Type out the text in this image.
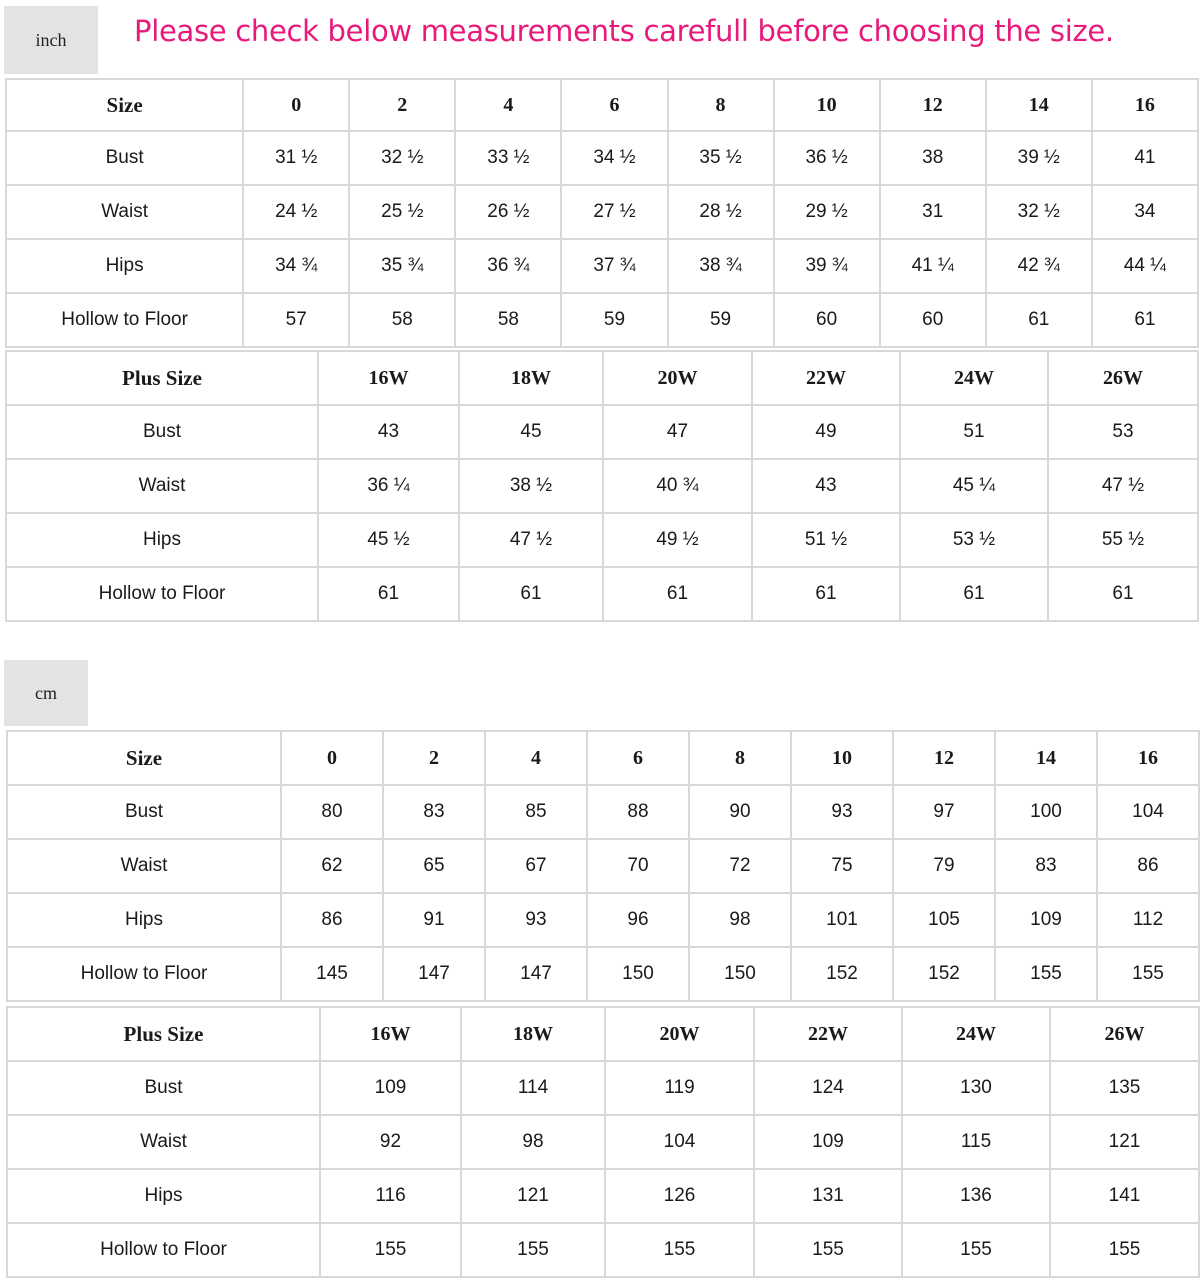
inch	Please check below measurements carefull before choosing the size.
Size	0	2	4	6	8	10	12	14	16
Bust	31 ½	32 ½	33 ½	34 ½	35 ½	36 ½	38	39 ½	41
Waist	24 ½	25 ½	26 ½	27 ½	28 ½	29 ½	31	32 ½	34
Hips	34 ¾	35 ¾	36 ¾	37 ¾	38 ¾	39 ¾	41 ¼	42 ¾	44 ¼
Hollow to Floor	57	58	58	59	59	60	60	61	61
Plus Size	16W	18W	20W	22W	24W	26W
Bust	43	45	47	49	51	53
Waist	36 ¼	38 ½	40 ¾	43	45 ¼	47 ½
Hips	45 ½	47 ½	49 ½	51 ½	53 ½	55 ½
Hollow to Floor	61	61	61	61	61	61
cm
Size	0	2	4	6	8	10	12	14	16
Bust	80	83	85	88	90	93	97	100	104
Waist	62	65	67	70	72	75	79	83	86
Hips	86	91	93	96	98	101	105	109	112
Hollow to Floor	145	147	147	150	150	152	152	155	155
Plus Size	16W	18W	20W	22W	24W	26W
Bust	109	114	119	124	130	135
Waist	92	98	104	109	115	121
Hips	116	121	126	131	136	141
Hollow to Floor	155	155	155	155	155	155
